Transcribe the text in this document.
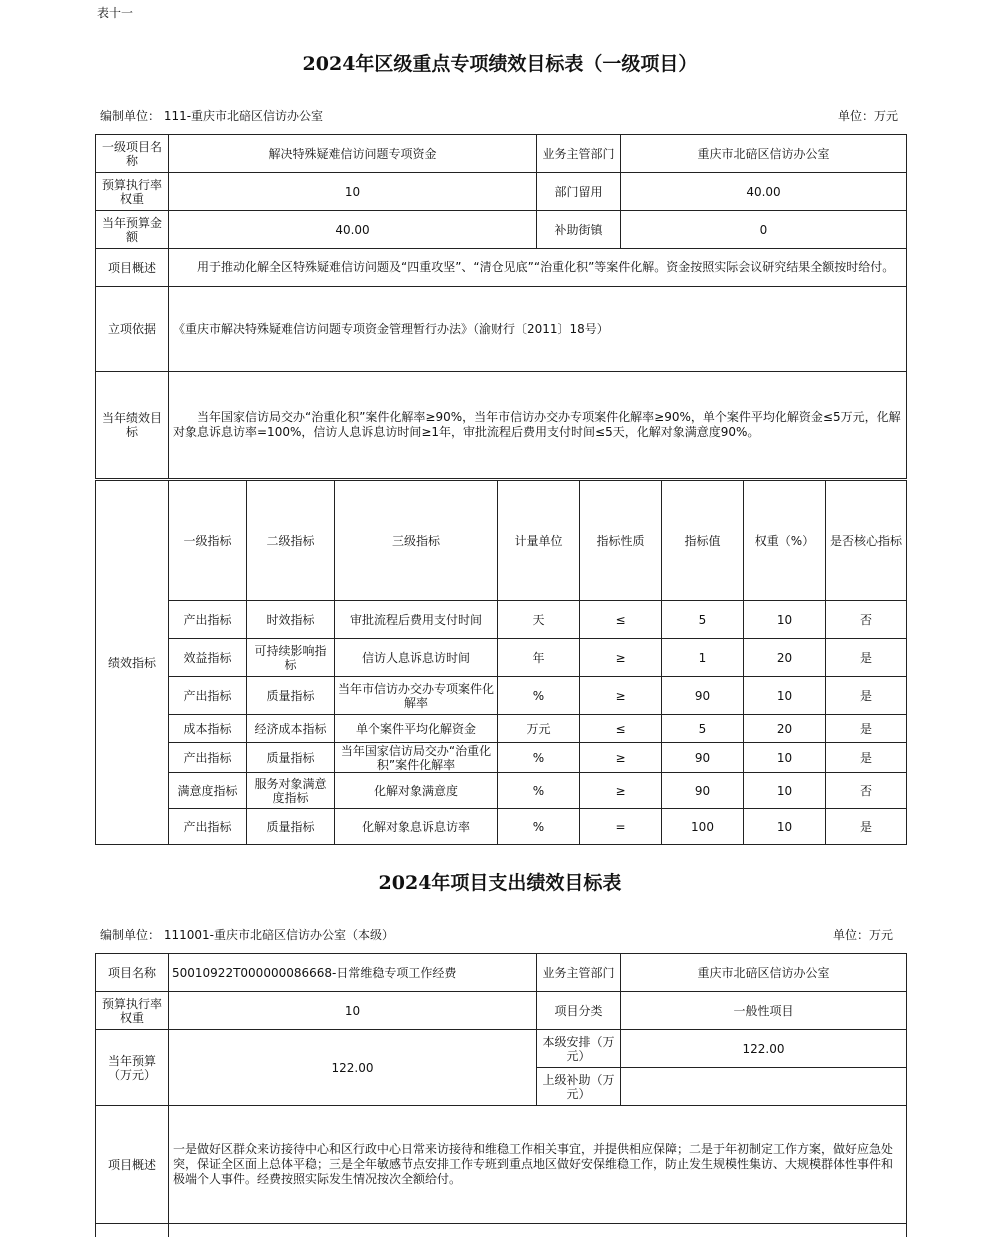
表十一
2024年区级重点专项绩效目标表（一级项目）
编制单位： 111-重庆市北碚区信访办公室	单位：万元
一级项目名称	解决特殊疑难信访问题专项资金	业务主管部门	重庆市北碚区信访办公室
预算执行率权重	10	部门留用	40.00
当年预算金额	40.00	补助街镇	0
项目概述	用于推动化解全区特殊疑难信访问题及“四重攻坚”、“清仓见底”“治重化积”等案件化解。资金按照实际会议研究结果全额按时给付。		
立项依据	《重庆市解决特殊疑难信访问题专项资金管理暂行办法》（渝财行〔2011〕18号）		
当年绩效目标	当年国家信访局交办“治重化积”案件化解率≥90%，当年市信访办交办专项案件化解率≥90%，单个案件平均化解资金≤5万元，化解对象息诉息访率=100%，信访人息诉息访时间≥1年，审批流程后费用支付时间≤5天，化解对象满意度90%。		
绩效指标	一级指标	二级指标	三级指标	计量单位	指标性质	指标值	权重（%）	是否核心指标
	产出指标	时效指标	审批流程后费用支付时间	天	≤	5	10	否
	效益指标	可持续影响指标	信访人息诉息访时间	年	≥	1	20	是
	产出指标	质量指标	当年市信访办交办专项案件化解率	%	≥	90	10	是
	成本指标	经济成本指标	单个案件平均化解资金	万元	≤	5	20	是
	产出指标	质量指标	当年国家信访局交办“治重化积”案件化解率	%	≥	90	10	是
	满意度指标	服务对象满意度指标	化解对象满意度	%	≥	90	10	否
	产出指标	质量指标	化解对象息诉息访率	%	=	100	10	是
2024年项目支出绩效目标表
编制单位： 111001-重庆市北碚区信访办公室（本级）	单位：万元
项目名称	50010922T000000086668-日常维稳专项工作经费	业务主管部门	重庆市北碚区信访办公室
预算执行率权重	10	项目分类	一般性项目
当年预算（万元）	122.00	本级安排（万元）	122.00
		上级补助（万元）	
项目概述	一是做好区群众来访接待中心和区行政中心日常来访接待和维稳工作相关事宜，并提供相应保障；二是于年初制定工作方案，做好应急处突，保证全区面上总体平稳；三是全年敏感节点安排工作专班到重点地区做好安保维稳工作，防止发生规模性集访、大规模群体性事件和极端个人事件。经费按照实际发生情况按次全额给付。		
